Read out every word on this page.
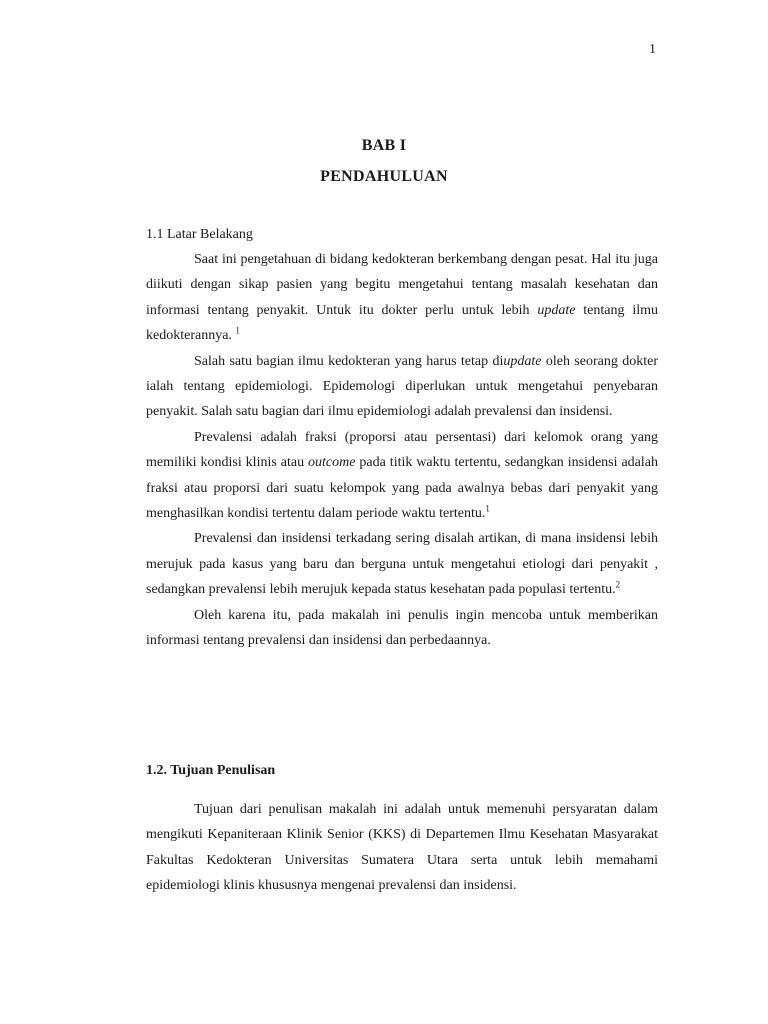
1
BAB I
PENDAHULUAN
1.1 Latar Belakang

Saat ini pengetahuan di bidang kedokteran berkembang dengan pesat. Hal itu juga diikuti dengan sikap pasien yang begitu mengetahui tentang masalah kesehatan dan informasi tentang penyakit. Untuk itu dokter perlu untuk lebih update tentang ilmu kedokterannya. $^1$

Salah satu bagian ilmu kedokteran yang harus tetap diupdate oleh seorang dokter ialah tentang epidemiologi. Epidemologi diperlukan untuk mengetahui penyebaran penyakit. Salah satu bagian dari ilmu epidemiologi adalah prevalensi dan insidensi.

Prevalensi adalah fraksi (proporsi atau persentasi) dari kelomok orang yang memiliki kondisi klinis atau outcome pada titik waktu tertentu, sedangkan insidensi adalah fraksi atau proporsi dari suatu kelompok yang pada awalnya bebas dari penyakit yang menghasilkan kondisi tertentu dalam periode waktu tertentu.$^1$

Prevalensi dan insidensi terkadang sering disalah artikan, di mana insidensi lebih merujuk pada kasus yang baru dan berguna untuk mengetahui etiologi dari penyakit , sedangkan prevalensi lebih merujuk kepada status kesehatan pada populasi tertentu.$^2$

Oleh karena itu, pada makalah ini penulis ingin mencoba untuk memberikan informasi tentang prevalensi dan insidensi dan perbedaannya.

1.2. Tujuan Penulisan

Tujuan dari penulisan makalah ini adalah untuk memenuhi persyaratan dalam mengikuti Kepaniteraan Klinik Senior (KKS) di Departemen Ilmu Kesehatan Masyarakat Fakultas Kedokteran Universitas Sumatera Utara serta untuk lebih memahami epidemiologi klinis khususnya mengenai prevalensi dan insidensi.
